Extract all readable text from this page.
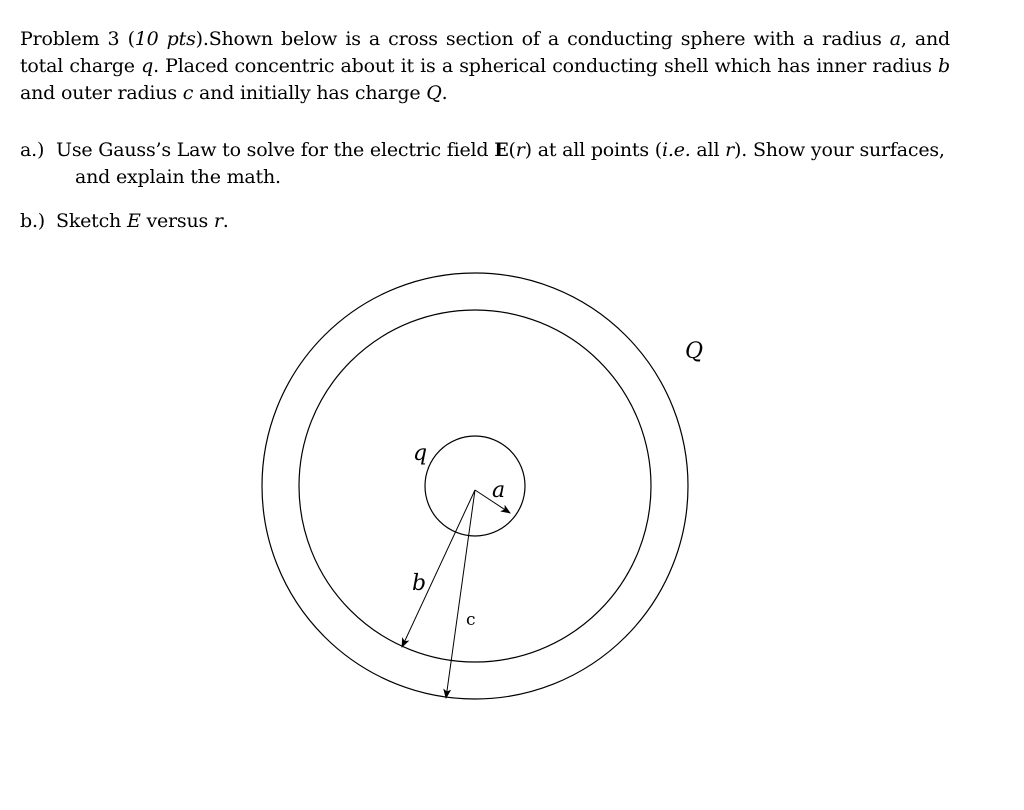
Problem 3 (10 pts).Shown below is a cross section of a conducting sphere with a radius a, and total charge q. Placed concentric about it is a spherical conducting shell which has inner radius b and outer radius c and initially has charge Q.

a.) Use Gauss’s Law to solve for the electric field E(r) at all points (i.e. all r). Show your surfaces,
and explain the math.
b.) Sketch E versus r.
Q
q
a
b
c
